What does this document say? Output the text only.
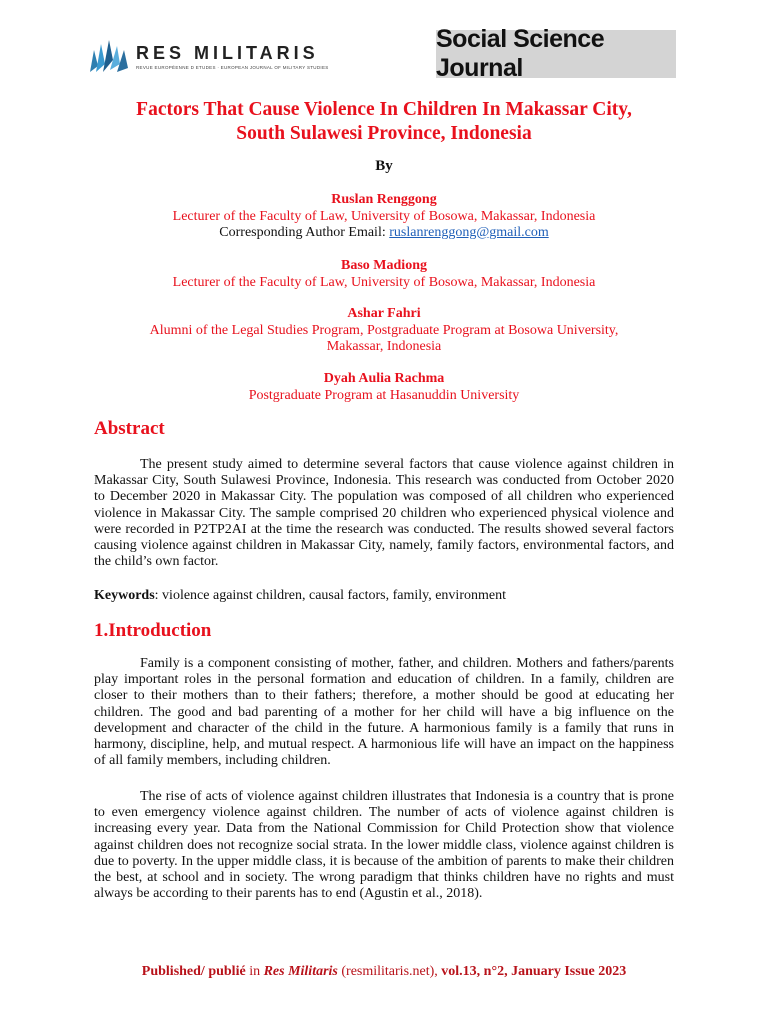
RES MILITARIS
REVUE EUROPÉENNE D ETUDES · EUROPEAN JOURNAL OF MILITARY STUDIES
Social Science Journal
Factors That Cause Violence In Children In Makassar City,
South Sulawesi Province, Indonesia
By
Ruslan Renggong
Lecturer of the Faculty of Law, University of Bosowa, Makassar, Indonesia
Corresponding Author Email: ruslanrenggong@gmail.com
Baso Madiong
Lecturer of the Faculty of Law, University of Bosowa, Makassar, Indonesia
Ashar Fahri
Alumni of the Legal Studies Program, Postgraduate Program at Bosowa University,
Makassar, Indonesia
Dyah Aulia Rachma
Postgraduate Program at Hasanuddin University
Abstract
The present study aimed to determine several factors that cause violence against children in Makassar City, South Sulawesi Province, Indonesia. This research was conducted from October 2020 to December 2020 in Makassar City. The population was composed of all children who experienced violence in Makassar City. The sample comprised 20 children who experienced physical violence and were recorded in P2TP2AI at the time the research was conducted. The results showed several factors causing violence against children in Makassar City, namely, family factors, environmental factors, and the child’s own factor.
Keywords: violence against children, causal factors, family, environment
1.Introduction
Family is a component consisting of mother, father, and children. Mothers and fathers/parents play important roles in the personal formation and education of children. In a family, children are closer to their mothers than to their fathers; therefore, a mother should be good at educating her children. The good and bad parenting of a mother for her child will have a big influence on the development and character of the child in the future. A harmonious family is a family that runs in harmony, discipline, help, and mutual respect. A harmonious life will have an impact on the happiness of all family members, including children.
The rise of acts of violence against children illustrates that Indonesia is a country that is prone to even emergency violence against children. The number of acts of violence against children is increasing every year. Data from the National Commission for Child Protection show that violence against children does not recognize social strata. In the lower middle class, violence against children is due to poverty. In the upper middle class, it is because of the ambition of parents to make their children the best, at school and in society. The wrong paradigm that thinks children have no rights and must always be according to their parents has to end (Agustin et al., 2018).
Published/ publié in Res Militaris (resmilitaris.net), vol.13, n°2, January Issue 2023
